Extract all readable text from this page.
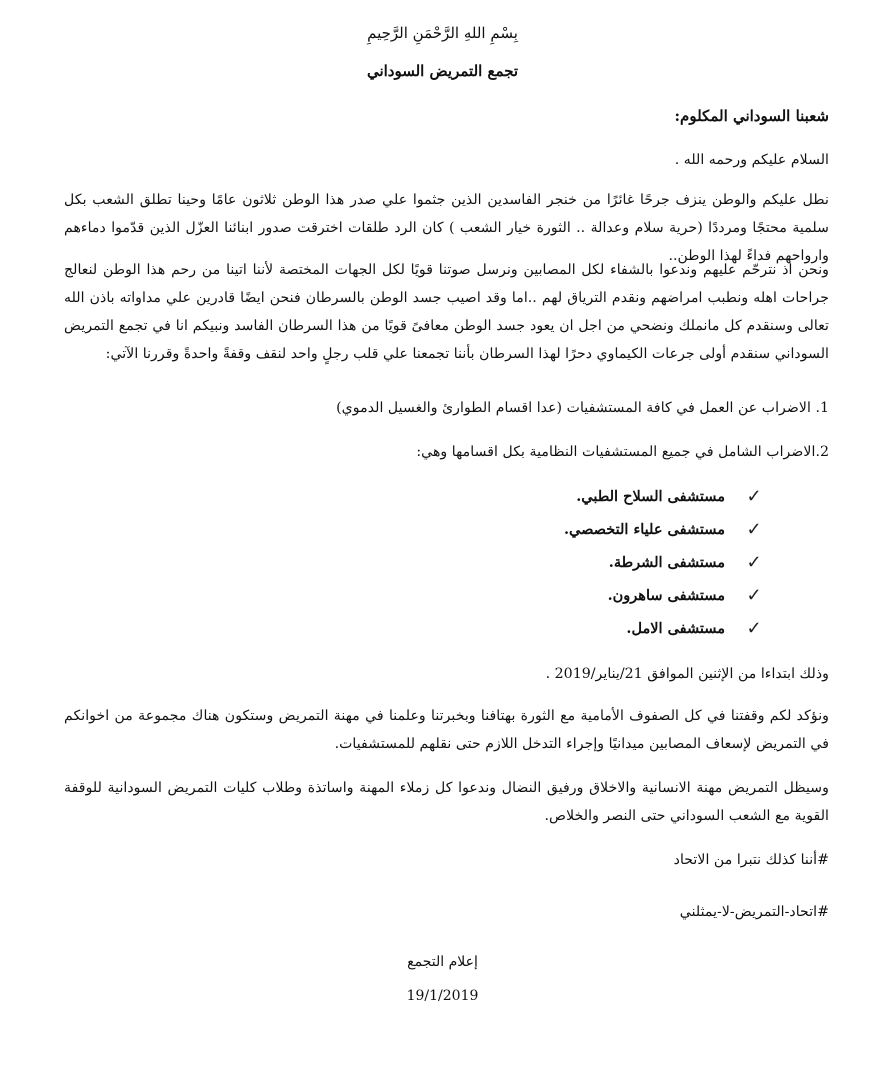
بِسْمِ اللهِ الرَّحْمَنِ الرَّحِيمِ
تجمع التمريض السوداني
شعبنا السوداني المكلوم:
السلام عليكم ورحمه الله .
نطل عليكم والوطن ينزف جرحًا غائرًا من خنجر الفاسدين الذين جثموا علي صدر هذا الوطن ثلاثون عامًا وحينا تطلق الشعب بكل سلمية محتجًا ومرددًا (حرية سلام وعدالة .. الثورة خيار الشعب ) كان الرد طلقات اخترقت صدور ابنائنا العزّل الذين قدّموا دماءهم وارواحهم فداءً لهذا الوطن..
ونحن اذ نترحّم عليهم وندعوا بالشفاء لكل المصابين ونرسل صوتنا قويًا لكل الجهات المختصة لأننا اتينا من رحم هذا الوطن لنعالج جراحات اهله ونطبب امراضهم ونقدم الترياق لهم ..اما وقد اصيب جسد الوطن بالسرطان فنحن ايضًا قادرين علي مداواته باذن الله تعالى وسنقدم كل مانملك ونضحي من اجل ان يعود جسد الوطن معافىً قويًا من هذا السرطان الفاسد ونبيكم انا في تجمع التمريض السوداني سنقدم أولى جرعات الكيماوي دحرًا لهذا السرطان بأننا تجمعنا علي قلب رجلٍ واحد لنقف وقفةً واحدةً وقررنا الآتي:
1. الاضراب عن العمل في كافة المستشفيات (عدا اقسام الطوارئ والغسيل الدموي)
2.الاضراب الشامل في جميع المستشفيات النظامية بكل اقسامها وهي:
✓
مستشفى السلاح الطبي.
✓
مستشفى علياء التخصصي.
✓
مستشفى الشرطة.
✓
مستشفى ساهرون.
✓
مستشفى الامل.
وذلك ابتداءا من الإثنين الموافق 21/يناير/2019 .
ونؤكد لكم وقفتنا في كل الصفوف الأمامية مع الثورة بهتافنا وبخبرتنا وعلمنا في مهنة التمريض وستكون هناك مجموعة من اخوانكم في التمريض لإسعاف المصابين ميدانيًا وإجراء التدخل اللازم حتى نقلهم للمستشفيات.
وسيظل التمريض مهنة الانسانية والاخلاق ورفيق النضال وندعوا كل زملاء المهنة واساتذة وطلاب كليات التمريض السودانية للوقفة القوية مع الشعب السوداني حتى النصر والخلاص.
#أننا كذلك نتبرا من الاتحاد
#اتحاد-التمريض-لا-يمثلني
إعلام التجمع
19/1/2019
